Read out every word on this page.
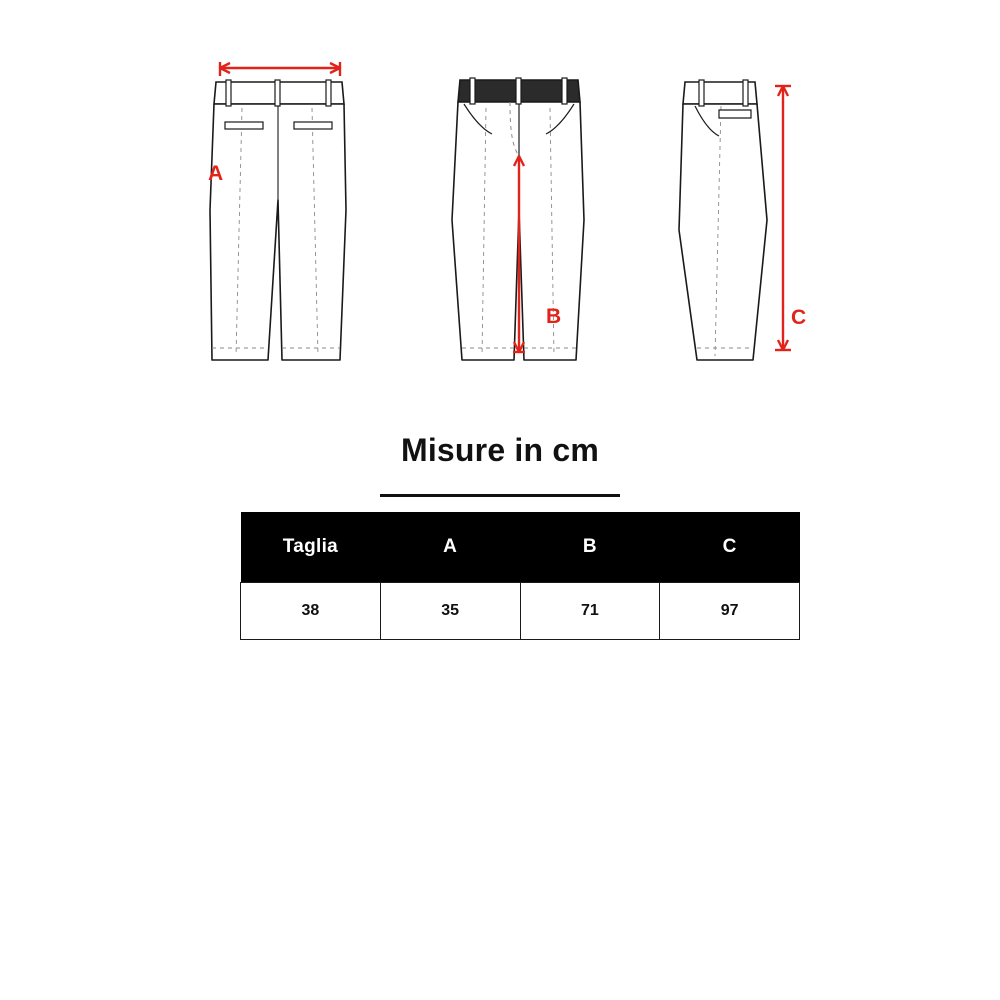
A
B	C
Misure in cm
Taglia	A	B	C
38	35	71	97
